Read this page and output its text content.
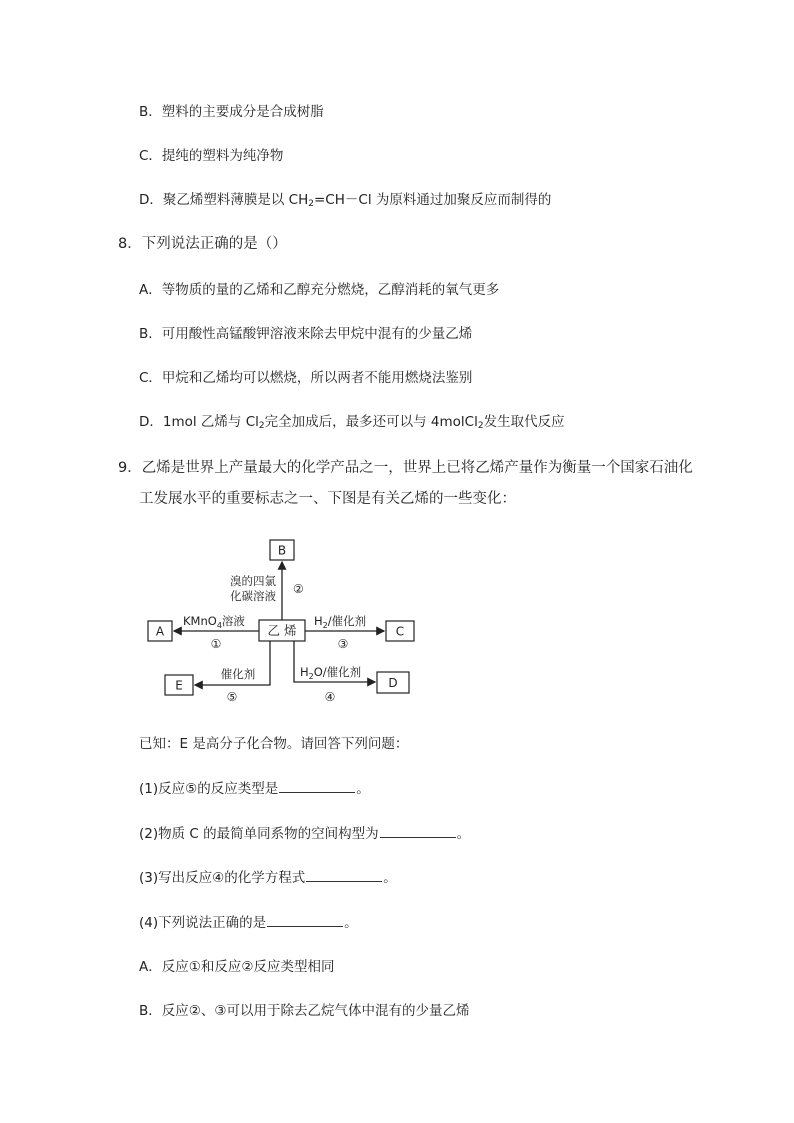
B．塑料的主要成分是合成树脂
C．提纯的塑料为纯净物
D．聚乙烯塑料薄膜是以 $CH_2=CH-Cl$ 为原料通过加聚反应而制得的
8．下列说法正确的是（）
A．等物质的量的乙烯和乙醇充分燃烧，乙醇消耗的氧气更多
B．可用酸性高锰酸钾溶液来除去甲烷中混有的少量乙烯
C．甲烷和乙烯均可以燃烧，所以两者不能用燃烧法鉴别
D．1mol 乙烯与 $Cl_2$完全加成后，最多还可以与 4molCl$_2$发生取代反应
9．乙烯是世界上产量最大的化学产品之一，世界上已将乙烯产量作为衡量一个国家石油化
工发展水平的重要标志之一、下图是有关乙烯的一些变化：
乙 烯
B
A	C
E	D
溴的四氯
化碳溶液 ②
KMnO$_4$溶液
①
$H_2/$催化剂
③
催化剂
⑤
$H_2O/$催化剂
④
已知：E 是高分子化合物。请回答下列问题：
(1)反应⑤的反应类型是	。
(2)物质 C 的最简单同系物的空间构型为	。
(3)写出反应④的化学方程式	。
(4)下列说法正确的是	。
A．反应①和反应②反应类型相同
B．反应②、③可以用于除去乙烷气体中混有的少量乙烯
